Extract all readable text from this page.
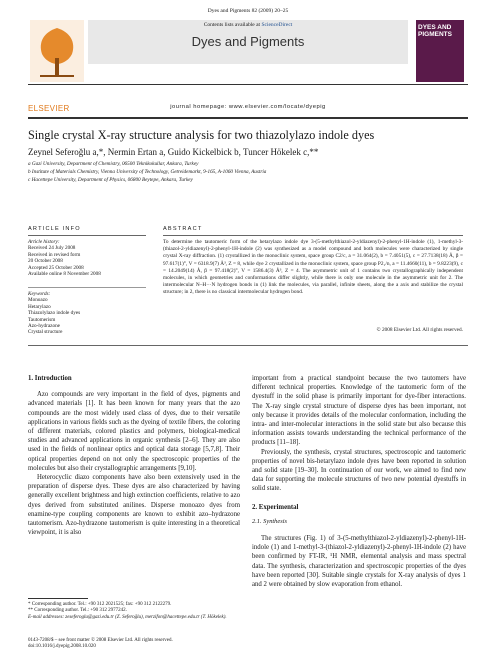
Dyes and Pigments 82 (2009) 20–25
ELSEVIER
Contents lists available at ScienceDirect
Dyes and Pigments
DYES AND PIGMENTS
journal homepage: www.elsevier.com/locate/dyepig
Single crystal X-ray structure analysis for two thiazolylazo indole dyes
Zeynel Seferoğlu a,*, Nermin Ertan a, Guido Kickelbick b, Tuncer Hökelek c,**
a Gazi University, Department of Chemistry, 06500 Teknikokullar, Ankara, Turkey
b Institute of Materials Chemistry, Vienna University of Technology, Getreidemarkt, 9-165, A-1060 Vienna, Austria
c Hacettepe University, Department of Physics, 06800 Beytepe, Ankara, Turkey
ARTICLE INFO	ABSTRACT
Article history:
Received 24 July 2008
Received in revised form
20 October 2008
Accepted 25 October 2008
Available online 8 November 2008
Keywords:
Monoazo
Hetarylazo
Thiazolylazo indole dyes
Tautomerism
Azo-hydrazone
Crystal structure
To determine the tautomeric form of the hetarylazo indole dye 3-(5-methylthiazol-2-yldiazenyl)-2-phenyl-1H-indole (1), 1-methyl-3-(thiazol-2-yldiazenyl)-2-phenyl-1H-indole (2) was synthesized as a model compound and both molecules were characterized by single crystal X-ray diffraction. (1) crystallized in the monoclinic system, space group C2/c, a = 31.064(2), b = 7.4051(5), c = 27.7138(18) Å, β = 97.617(1)°, V = 6318.9(7) Å³, Z = 8, while dye 2 crystallized in the monoclinic system, space group P2₁/n, a = 11.4660(11), b = 9.8223(9), c = 14.2049(14) Å, β = 97.418(2)°, V = 1586.4(3) Å³, Z = 4. The asymmetric unit of 1 contains two crystallographically independent molecules, in which geometries and conformations differ slightly, while there is only one molecule in the asymmetric unit for 2. The intermolecular N–H···N hydrogen bonds in (1) link the molecules, via parallel, infinite sheets, along the a axis and stabilize the crystal structure; in 2, there is no classical intermolecular hydrogen bond.
© 2008 Elsevier Ltd. All rights reserved.
1. Introduction

Azo compounds are very important in the field of dyes, pigments and advanced materials [1]. It has been known for many years that the azo compounds are the most widely used class of dyes, due to their versatile applications in various fields such as the dyeing of textile fibers, the coloring of different materials, colored plastics and polymers, biological-medical studies and advanced applications in organic synthesis [2–6]. They are also used in the fields of nonlinear optics and optical data storage [5,7,8]. Their optical properties depend on not only the spectroscopic properties of the molecules but also their crystallographic arrangements [9,10].

Heterocyclic diazo components have also been extensively used in the preparation of disperse dyes. These dyes are also characterized by having generally excellent brightness and high extinction coefficients, relative to azo dyes derived from substituted anilines. Disperse monoazo dyes from enamine-type coupling components are known to exhibit azo–hydrazone tautomerism. Azo-hydrazone tautomerism is quite interesting in a theoretical viewpoint, it is also

important from a practical standpoint because the two tautomers have different technical properties. Knowledge of the tautomeric form of the dyestuff in the solid phase is primarily important for dye-fiber interactions. The X-ray single crystal structure of disperse dyes has been important, not only because it provides details of the molecular conformation, including the intra- and inter-molecular interactions in the solid state but also because this information assists towards understanding the technical performance of the products [11–18].

Previously, the synthesis, crystal structures, spectroscopic and tautomeric properties of novel bis-hetarylazo indole dyes have been reported in solution and solid state [19–30]. In continuation of our work, we aimed to find new data for supporting the molecule structures of two new potential dyestuffs in solid state.

2. Experimental
2.1. Synthesis

The structures (Fig. 1) of 3-(5-methylthiazol-2-yldiazenyl)-2-phenyl-1H-indole (1) and 1-methyl-3-(thiazol-2-yldiazenyl)-2-phenyl-1H-indole (2) have been confirmed by FT-IR, ¹H NMR, elemental analysis and mass spectral data. The synthesis, characterization and spectroscopic properties of the dyes have been reported [30]. Suitable single crystals for X-ray analysis of dyes 1 and 2 were obtained by slow evaporation from ethanol.

* Corresponding author. Tel.: +90 312 2021525; fax: +90 312 2122279.
** Corresponding author. Tel.: +90 312 2977242.
E-mail addresses: zeseferoglu@gazi.edu.tr (Z. Seferoğlu), merzifon@hacettepe.edu.tr (T. Hökelek).
0143-7208/$ – see front matter © 2008 Elsevier Ltd. All rights reserved.
doi:10.1016/j.dyepig.2008.10.020
